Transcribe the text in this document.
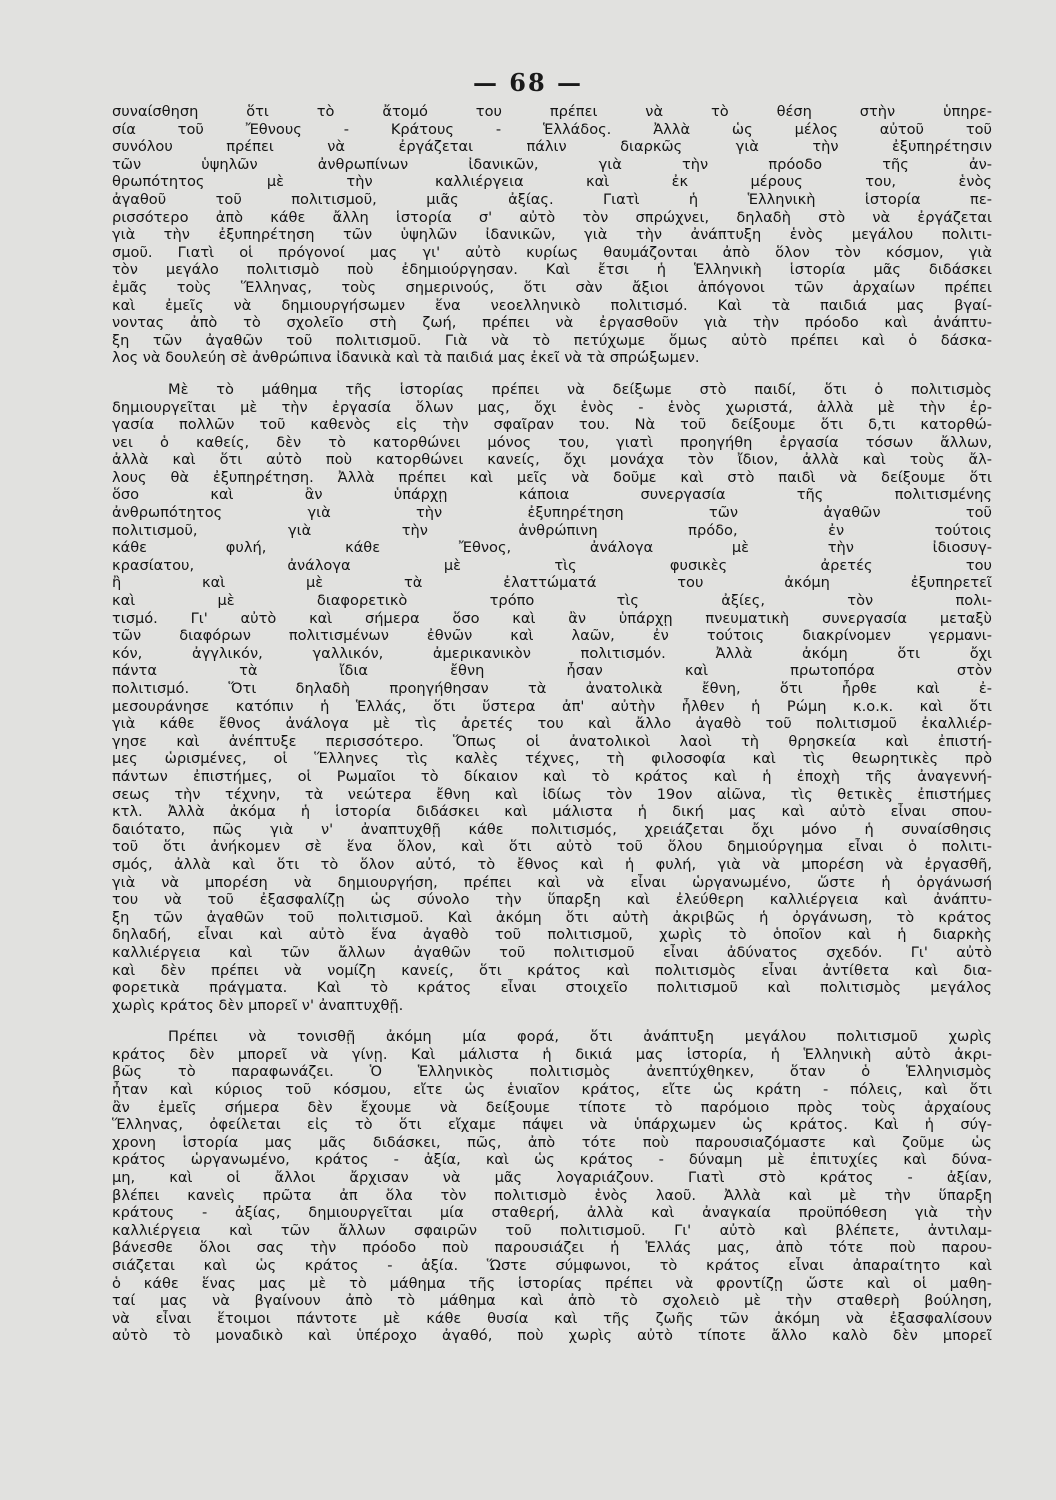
— 68 —
συναίσθηση ὅτι τὸ ἄτομό του πρέπει νὰ τὸ θέση στὴν ὑπηρε-
σία τοῦ Ἔθνους - Κράτους - Ἑλλάδος. Ἀλλὰ ὡς μέλος αὐτοῦ τοῦ
συνόλου πρέπει νὰ ἐργάζεται πάλιν διαρκῶς γιὰ τὴν ἐξυπηρέτησιν
τῶν ὑψηλῶν ἀνθρωπίνων ἰδανικῶν, γιὰ τὴν πρόοδο τῆς ἀν-
θρωπότητος μὲ τὴν καλλιέργεια καὶ ἐκ μέρους του, ἑνὸς
ἀγαθοῦ τοῦ πολιτισμοῦ, μιᾶς ἀξίας. Γιατὶ ἡ Ἑλληνικὴ ἱστορία πε-
ρισσότερο ἀπὸ κάθε ἄλλη ἱστορία σ' αὐτὸ τὸν σπρώχνει, δηλαδὴ στὸ νὰ ἐργάζεται
γιὰ τὴν ἐξυπηρέτηση τῶν ὑψηλῶν ἰδανικῶν, γιὰ τὴν ἀνάπτυξη ἑνὸς μεγάλου πολιτι-
σμοῦ. Γιατὶ οἱ πρόγονοί μας γι' αὐτὸ κυρίως θαυμάζονται ἀπὸ ὅλον τὸν κόσμον, γιὰ
τὸν μεγάλο πολιτισμὸ ποὺ ἐδημιούργησαν. Καὶ ἔτσι ἡ Ἑλληνικὴ ἱστορία μᾶς διδάσκει
ἐμᾶς τοὺς Ἕλληνας, τοὺς σημερινούς, ὅτι σὰν ἄξιοι ἀπόγονοι τῶν ἀρχαίων πρέπει
καὶ ἐμεῖς νὰ δημιουργήσωμεν ἕνα νεοελληνικὸ πολιτισμό. Καὶ τὰ παιδιά μας βγαί-
νοντας ἀπὸ τὸ σχολεῖο στὴ ζωή, πρέπει νὰ ἐργασθοῦν γιὰ τὴν πρόοδο καὶ ἀνάπτυ-
ξη τῶν ἀγαθῶν τοῦ πολιτισμοῦ. Γιὰ νὰ τὸ πετύχωμε ὅμως αὐτὸ πρέπει καὶ ὁ δάσκα-
λος νὰ δουλεύη σὲ ἀνθρώπινα ἰδανικὰ καὶ τὰ παιδιά μας ἐκεῖ νὰ τὰ σπρώξωμεν.
Μὲ τὸ μάθημα τῆς ἱστορίας πρέπει νὰ δείξωμε στὸ παιδί, ὅτι ὁ πολιτισμὸς
δημιουργεῖται μὲ τὴν ἐργασία ὅλων μας, ὄχι ἑνὸς - ἑνὸς χωριστά, ἀλλὰ μὲ τὴν ἐρ-
γασία πολλῶν τοῦ καθενὸς εἰς τὴν σφαῖραν του. Νὰ τοῦ δείξουμε ὅτι δ,τι κατορθώ-
νει ὁ καθείς, δὲν τὸ κατορθώνει μόνος του, γιατὶ προηγήθη ἐργασία τόσων ἄλλων,
ἀλλὰ καὶ ὅτι αὐτὸ ποὺ κατορθώνει κανείς, ὄχι μονάχα τὸν ἴδιον, ἀλλὰ καὶ τοὺς ἄλ-
λους θὰ ἐξυπηρέτηση. Ἀλλὰ πρέπει καὶ μεῖς νὰ δοῦμε καὶ στὸ παιδὶ νὰ δείξουμε ὅτι
ὅσο καὶ ἂν ὑπάρχῃ κάποια συνεργασία τῆς πολιτισμένης
ἀνθρωπότητος γιὰ τὴν ἐξυπηρέτηση τῶν ἀγαθῶν τοῦ
πολιτισμοῦ, γιὰ τὴν ἀνθρώπινη πρόδο, ἐν τούτοις
κάθε φυλή, κάθε Ἔθνος, ἀνάλογα μὲ τὴν ἰδιοσυγ-
κρασίατου, ἀνάλογα μὲ τὶς φυσικὲς ἀρετές του
ἢ καὶ μὲ τὰ ἐλαττώματά του ἀκόμη ἐξυπηρετεῖ
καὶ μὲ διαφορετικὸ τρόπο τὶς ἀξίες, τὸν πολι-
τισμό. Γι' αὐτὸ καὶ σήμερα ὅσο καὶ ἂν ὑπάρχῃ πνευματικὴ συνεργασία μεταξὺ
τῶν διαφόρων πολιτισμένων ἐθνῶν καὶ λαῶν, ἐν τούτοις διακρίνομεν γερμανι-
κόν, ἀγγλικόν, γαλλικόν, ἀμερικανικὸν πολιτισμόν. Ἀλλὰ ἀκόμη ὅτι ὄχι
πάντα τὰ ἴδια ἔθνη ἦσαν καὶ πρωτοπόρα στὸν
πολιτισμό. Ὅτι δηλαδὴ προηγήθησαν τὰ ἀνατολικὰ ἔθνη, ὅτι ἦρθε καὶ ἐ-
μεσουράνησε κατόπιν ἡ Ἑλλάς, ὅτι ὕστερα ἀπ' αὐτὴν ἦλθεν ἡ Ρώμη κ.ο.κ. καὶ ὅτι
γιὰ κάθε ἔθνος ἀνάλογα μὲ τὶς ἀρετές του καὶ ἄλλο ἀγαθὸ τοῦ πολιτισμοῦ ἐκαλλιέρ-
γησε καὶ ἀνέπτυξε περισσότερο. Ὅπως οἱ ἀνατολικοὶ λαοὶ τὴ θρησκεία καὶ ἐπιστή-
μες ὡρισμένες, οἱ Ἕλληνες τὶς καλὲς τέχνες, τὴ φιλοσοφία καὶ τὶς θεωρητικὲς πρὸ
πάντων ἐπιστήμες, οἱ Ρωμαῖοι τὸ δίκαιον καὶ τὸ κράτος καὶ ἡ ἐποχὴ τῆς ἀναγεννή-
σεως τὴν τέχνην, τὰ νεώτερα ἔθνη καὶ ἰδίως τὸν 19ον αἰῶνα, τὶς θετικὲς ἐπιστήμες
κτλ. Ἀλλὰ ἀκόμα ἡ ἱστορία διδάσκει καὶ μάλιστα ἡ δική μας καὶ αὐτὸ εἶναι σπου-
δαιότατο, πῶς γιὰ ν' ἀναπτυχθῇ κάθε πολιτισμός, χρειάζεται ὄχι μόνο ἡ συναίσθησις
τοῦ ὅτι ἀνήκομεν σὲ ἕνα ὅλον, καὶ ὅτι αὐτὸ τοῦ ὅλου δημιούργημα εἶναι ὁ πολιτι-
σμός, ἀλλὰ καὶ ὅτι τὸ ὅλον αὐτό, τὸ ἔθνος καὶ ἡ φυλή, γιὰ νὰ μπορέση νὰ ἐργασθῆ,
γιὰ νὰ μπορέση νὰ δημιουργήση, πρέπει καὶ νὰ εἶναι ὡργανωμένο, ὥστε ἡ ὀργάνωσή
του νὰ τοῦ ἐξασφαλίζῃ ὡς σύνολο τὴν ὕπαρξη καὶ ἐλεύθερη καλλιέργεια καὶ ἀνάπτυ-
ξη τῶν ἀγαθῶν τοῦ πολιτισμοῦ. Καὶ ἀκόμη ὅτι αὐτὴ ἀκριβῶς ἡ ὀργάνωση, τὸ κράτος
δηλαδή, εἶναι καὶ αὐτὸ ἕνα ἀγαθὸ τοῦ πολιτισμοῦ, χωρὶς τὸ ὁποῖον καὶ ἡ διαρκὴς
καλλιέργεια καὶ τῶν ἄλλων ἀγαθῶν τοῦ πολιτισμοῦ εἶναι ἀδύνατος σχεδόν. Γι' αὐτὸ
καὶ δὲν πρέπει νὰ νομίζη κανείς, ὅτι κράτος καὶ πολιτισμὸς εἶναι ἀντίθετα καὶ δια-
φορετικὰ πράγματα. Καὶ τὸ κράτος εἶναι στοιχεῖο πολιτισμοῦ καὶ πολιτισμὸς μεγάλος
χωρὶς κράτος δὲν μπορεῖ ν' ἀναπτυχθῇ.
Πρέπει νὰ τονισθῇ ἀκόμη μία φορά, ὅτι ἀνάπτυξη μεγάλου πολιτισμοῦ χωρὶς
κράτος δὲν μπορεῖ νὰ γίνῃ. Καὶ μάλιστα ἡ δικιά μας ἱστορία, ἡ Ἑλληνικὴ αὐτὸ ἀκρι-
βῶς τὸ παραφωνάζει. Ὁ Ἑλληνικὸς πολιτισμὸς ἀνεπτύχθηκεν, ὅταν ὁ Ἑλληνισμὸς
ἦταν καὶ κύριος τοῦ κόσμου, εἴτε ὡς ἑνιαῖον κράτος, εἴτε ὡς κράτη - πόλεις, καὶ ὅτι
ἂν ἐμεῖς σήμερα δὲν ἔχουμε νὰ δείξουμε τίποτε τὸ παρόμοιο πρὸς τοὺς ἀρχαίους
Ἕλληνας, ὀφείλεται εἰς τὸ ὅτι εἴχαμε πάψει νὰ ὑπάρχωμεν ὡς κράτος. Καὶ ἡ σύγ-
χρονη ἱστορία μας μᾶς διδάσκει, πῶς, ἀπὸ τότε ποὺ παρουσιαζόμαστε καὶ ζοῦμε ὡς
κράτος ὡργανωμένο, κράτος - ἀξία, καὶ ὡς κράτος - δύναμη μὲ ἐπιτυχίες καὶ δύνα-
μη, καὶ οἱ ἄλλοι ἄρχισαν νὰ μᾶς λογαριάζουν. Γιατὶ στὸ κράτος - ἀξίαν,
βλέπει κανεὶς πρῶτα ἀπ ὅλα τὸν πολιτισμὸ ἑνὸς λαοῦ. Ἀλλὰ καὶ μὲ τὴν ὕπαρξη
κράτους - ἀξίας, δημιουργεῖται μία σταθερή, ἀλλὰ καὶ ἀναγκαία προϋπόθεση γιὰ τὴν
καλλιέργεια καὶ τῶν ἄλλων σφαιρῶν τοῦ πολιτισμοῦ. Γι' αὐτὸ καὶ βλέπετε, ἀντιλαμ-
βάνεσθε ὅλοι σας τὴν πρόοδο ποὺ παρουσιάζει ἡ Ἑλλάς μας, ἀπὸ τότε ποὺ παρου-
σιάζεται καὶ ὡς κράτος - ἀξία. Ὥστε σύμφωνοι, τὸ κράτος εἶναι ἀπαραίτητο καὶ
ὁ κάθε ἕνας μας μὲ τὸ μάθημα τῆς ἱστορίας πρέπει νὰ φροντίζῃ ὥστε καὶ οἱ μαθη-
ταί μας νὰ βγαίνουν ἀπὸ τὸ μάθημα καὶ ἀπὸ τὸ σχολειὸ μὲ τὴν σταθερὴ βούληση,
νὰ εἶναι ἕτοιμοι πάντοτε μὲ κάθε θυσία καὶ τῆς ζωῆς τῶν ἀκόμη νὰ ἐξασφαλίσουν
αὐτὸ τὸ μοναδικὸ καὶ ὑπέροχο ἀγαθό, ποὺ χωρὶς αὐτὸ τίποτε ἄλλο καλὸ δὲν μπορεῖ
